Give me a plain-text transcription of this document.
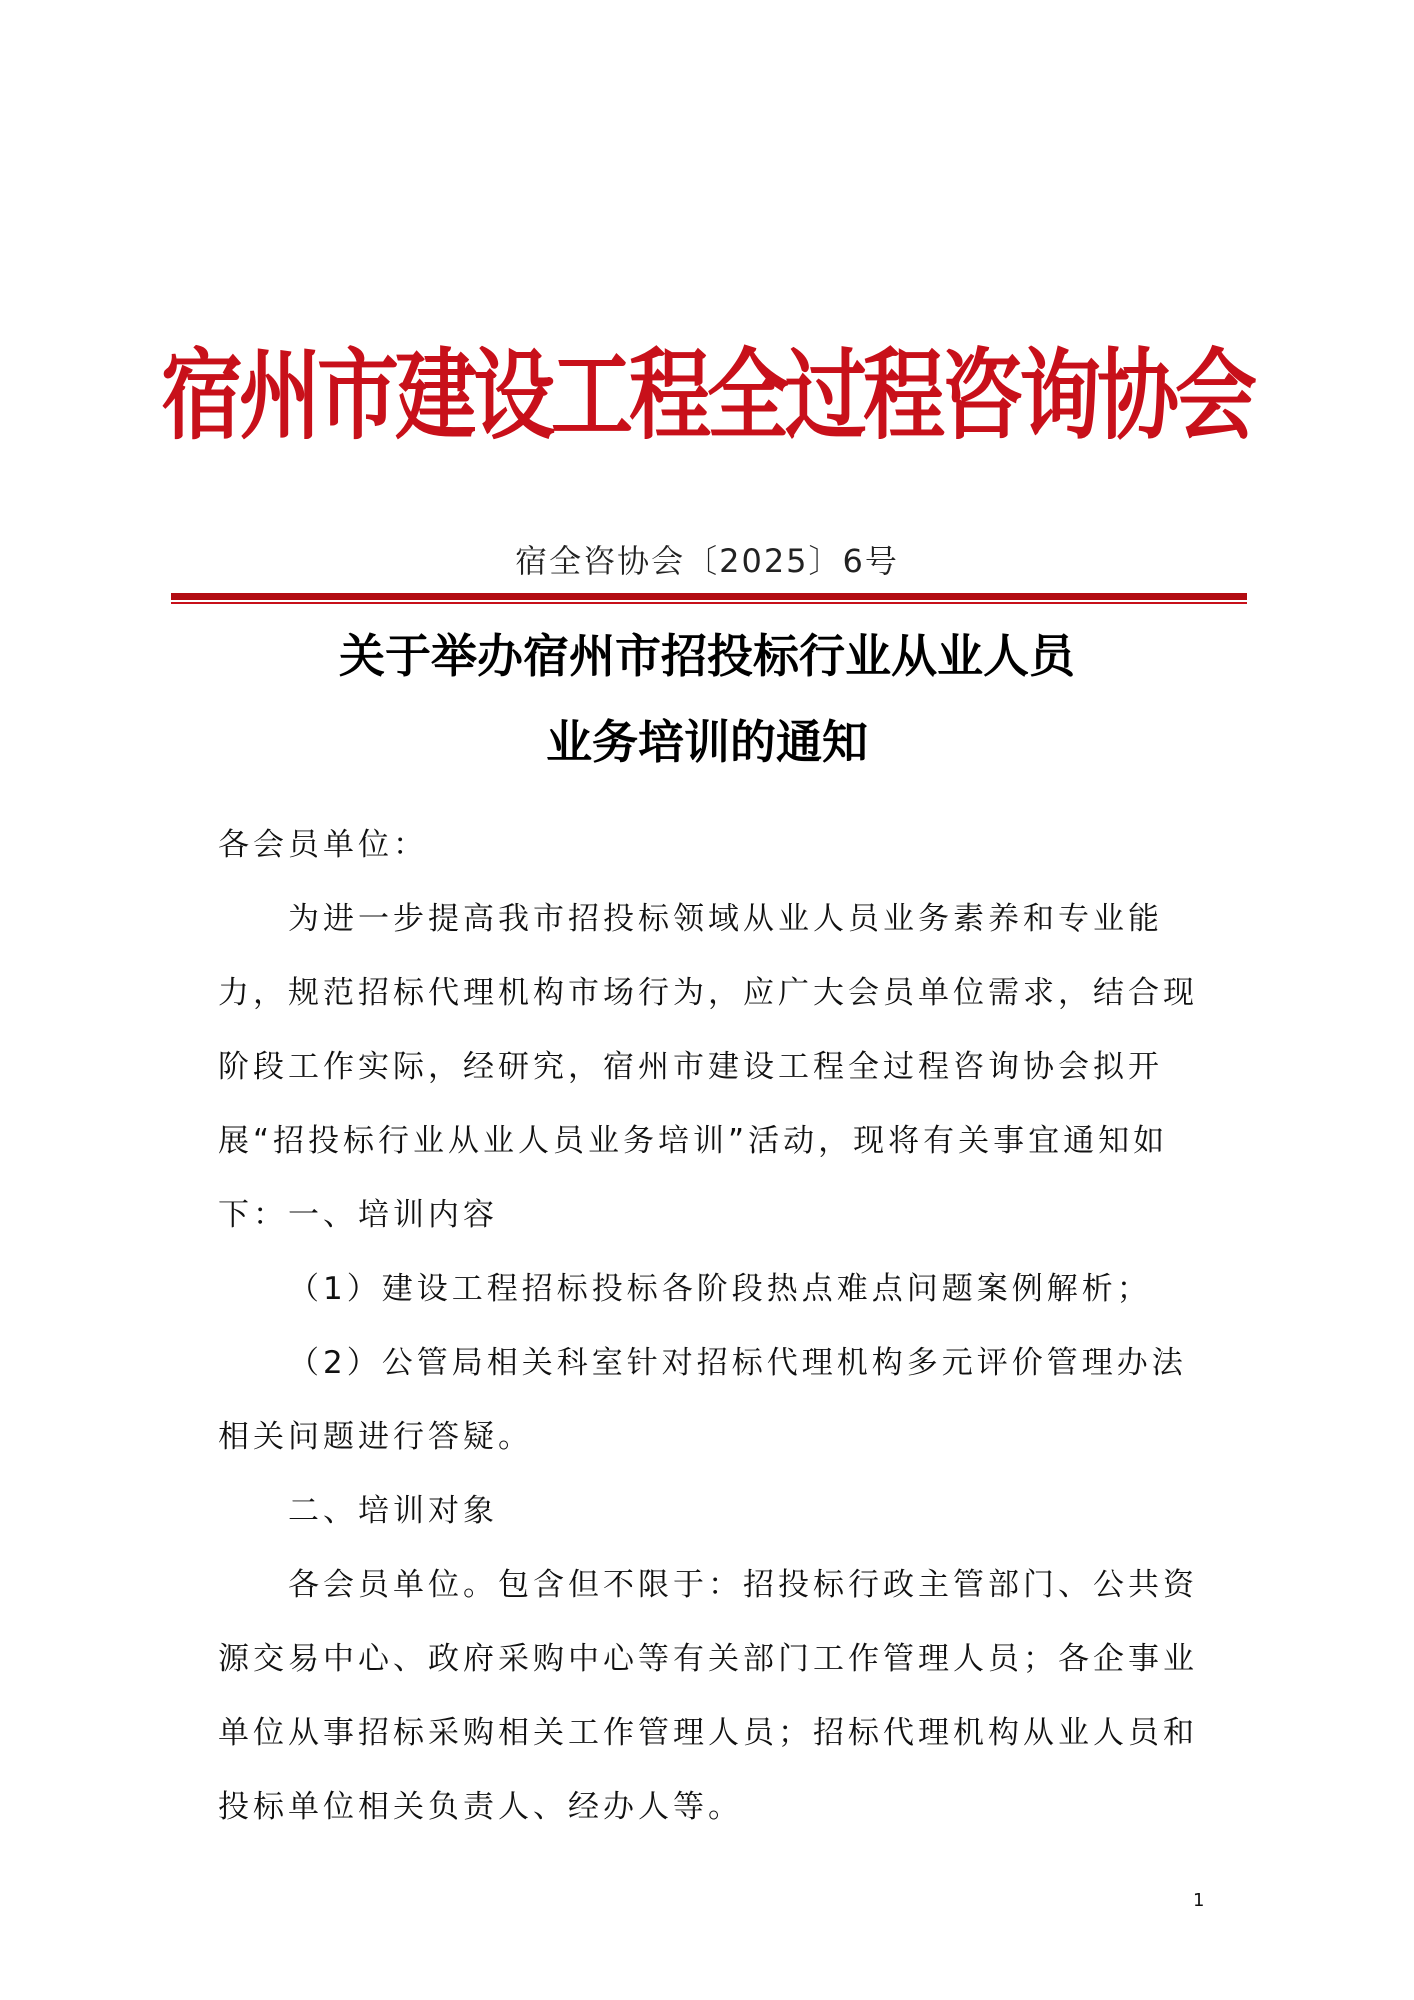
宿州市建设工程全过程咨询协会
宿全咨协会〔2025〕6号
关于举办宿州市招投标行业从业人员
业务培训的通知

各会员单位：

为进一步提高我市招投标领域从业人员业务素养和专业能力，规范招标代理机构市场行为，应广大会员单位需求，结合现阶段工作实际，经研究，宿州市建设工程全过程咨询协会拟开展“招投标行业从业人员业务培训”活动，现将有关事宜通知如下： 一、培训内容

（1）建设工程招标投标各阶段热点难点问题案例解析；

（2）公管局相关科室针对招标代理机构多元评价管理办法相关问题进行答疑。

二、培训对象

各会员单位。包含但不限于：招投标行政主管部门、公共资源交易中心、政府采购中心等有关部门工作管理人员；各企事业单位从事招标采购相关工作管理人员；招标代理机构从业人员和投标单位相关负责人、经办人等。

1
